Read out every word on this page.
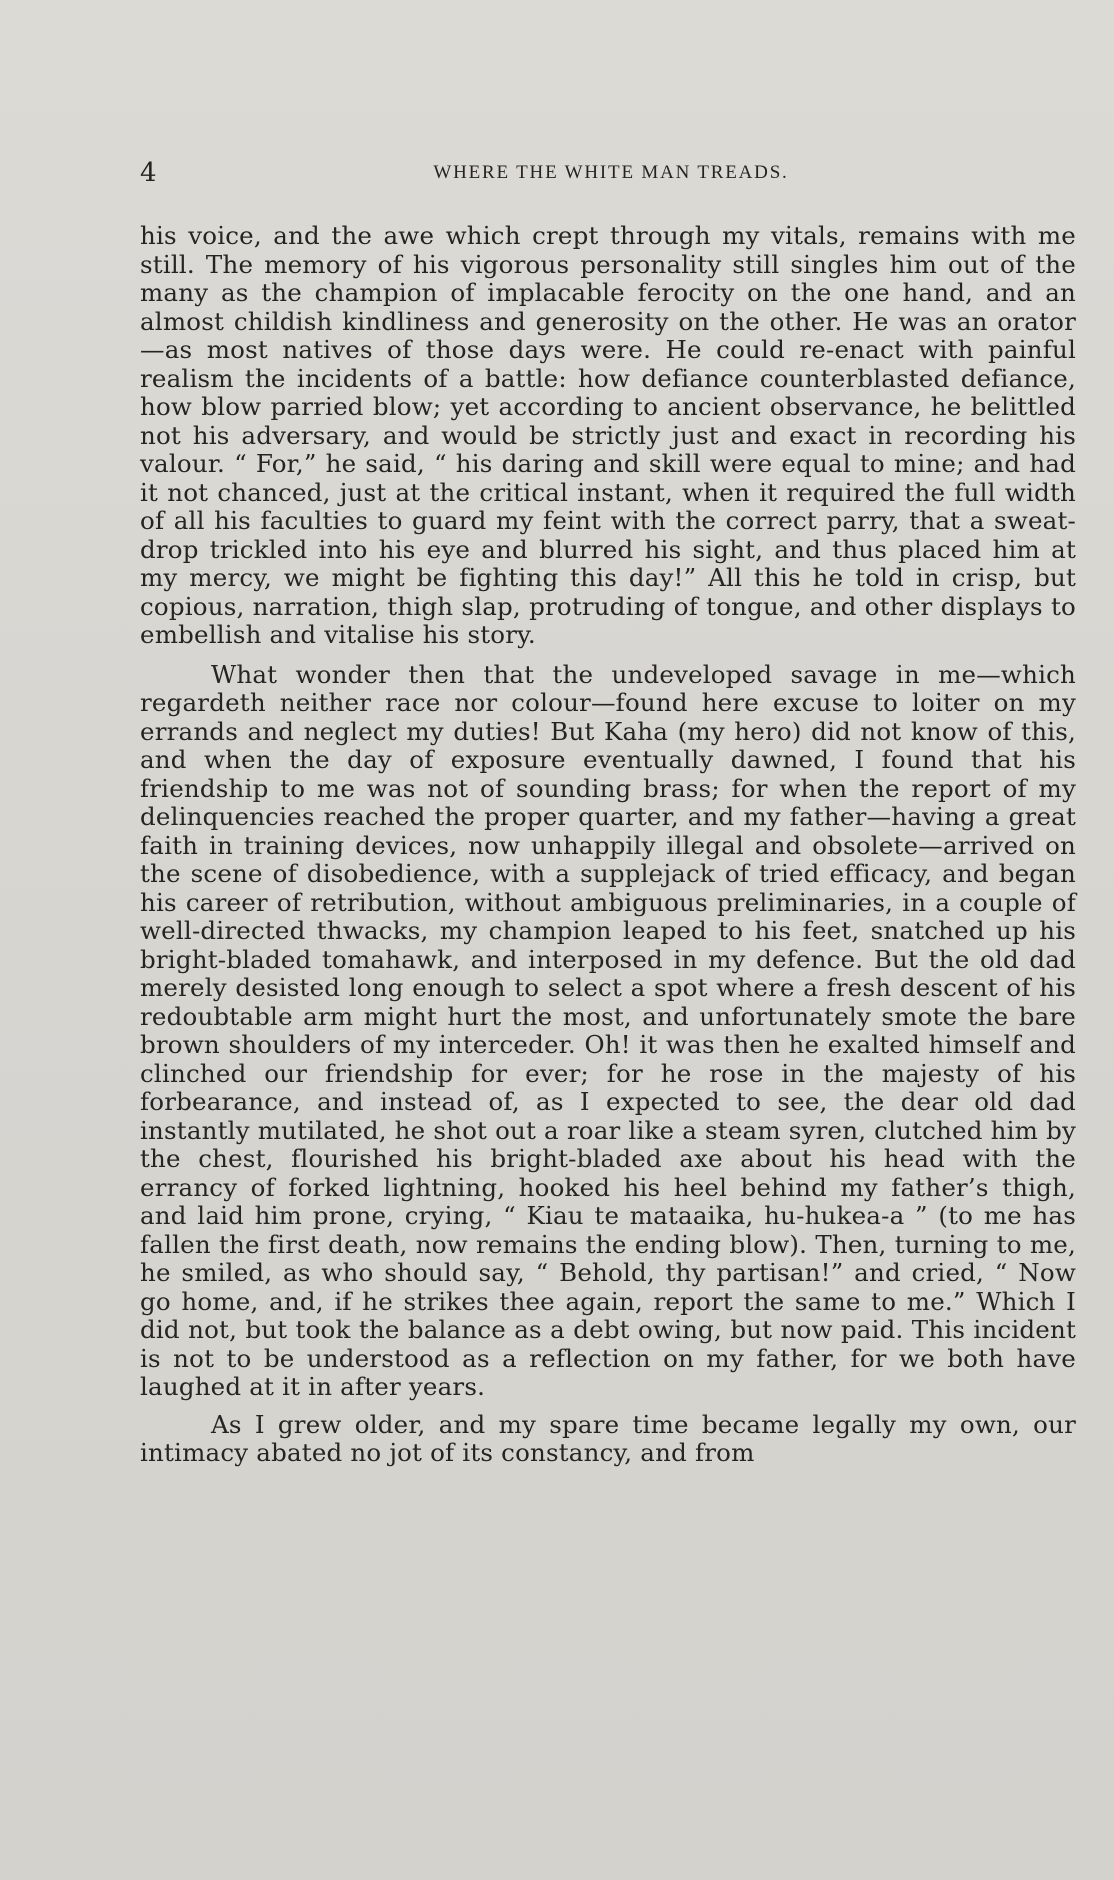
4	WHERE THE WHITE MAN TREADS.

his voice, and the awe which crept through my vitals, remains with me still. The memory of his vigorous personality still singles him out of the many as the champion of implacable ferocity on the one hand, and an almost childish kindliness and generosity on the other. He was an orator—as most natives of those days were. He could re-enact with painful realism the incidents of a battle: how defiance counterblasted defiance, how blow parried blow; yet according to ancient observance, he belittled not his adversary, and would be strictly just and exact in recording his valour. “ For,” he said, “ his daring and skill were equal to mine; and had it not chanced, just at the critical instant, when it required the full width of all his faculties to guard my feint with the correct parry, that a sweat-drop trickled into his eye and blurred his sight, and thus placed him at my mercy, we might be fighting this day!” All this he told in crisp, but copious, narration, thigh slap, protruding of tongue, and other displays to embellish and vitalise his story.

What wonder then that the undeveloped savage in me—which regardeth neither race nor colour—found here excuse to loiter on my errands and neglect my duties! But Kaha (my hero) did not know of this, and when the day of exposure eventually dawned, I found that his friendship to me was not of sounding brass; for when the report of my delinquencies reached the proper quarter, and my father—having a great faith in training devices, now unhappily illegal and obsolete—arrived on the scene of disobedience, with a supplejack of tried efficacy, and began his career of retribution, without ambiguous preliminaries, in a couple of well-directed thwacks, my champion leaped to his feet, snatched up his bright-bladed tomahawk, and interposed in my defence. But the old dad merely desisted long enough to select a spot where a fresh descent of his redoubtable arm might hurt the most, and unfortunately smote the bare brown shoulders of my interceder. Oh! it was then he exalted himself and clinched our friendship for ever; for he rose in the majesty of his forbearance, and instead of, as I expected to see, the dear old dad instantly mutilated, he shot out a roar like a steam syren, clutched him by the chest, flourished his bright-bladed axe about his head with the errancy of forked lightning, hooked his heel behind my father’s thigh, and laid him prone, crying, “ Kiau te mataaika, hu-hukea-a ” (to me has fallen the first death, now remains the ending blow). Then, turning to me, he smiled, as who should say, “ Behold, thy partisan!” and cried, “ Now go home, and, if he strikes thee again, report the same to me.” Which I did not, but took the balance as a debt owing, but now paid. This incident is not to be understood as a reflection on my father, for we both have laughed at it in after years.

As I grew older, and my spare time became legally my own, our intimacy abated no jot of its constancy, and from
